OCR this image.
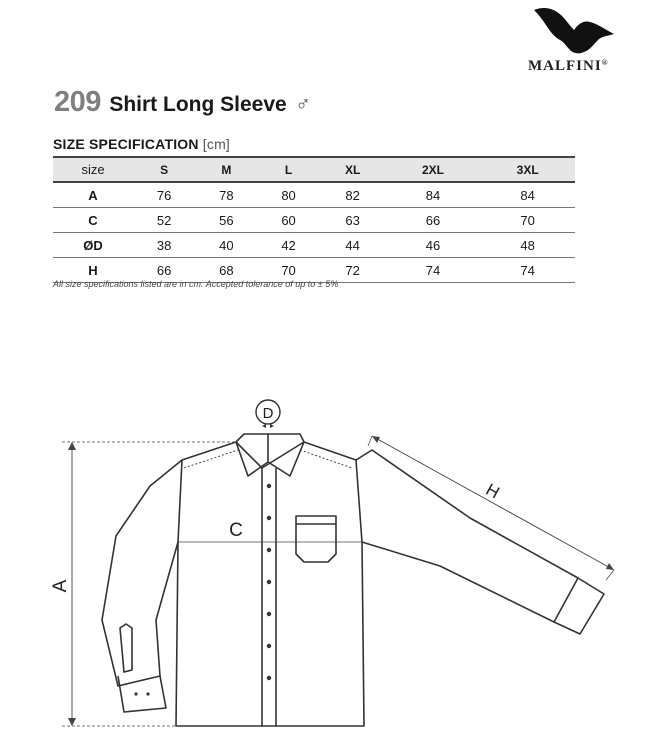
MALFINI®
209 Shirt Long Sleeve ♂
SIZE SPECIFICATION [cm]
size	S	M	L	XL	2XL	3XL
A	76	78	80	82	84	84
C	52	56	60	63	66	70
ØD	38	40	42	44	46	48
H	66	68	70	72	74	74
All size specifications listed are in cm. Accepted tolerance of up to ± 5%
A
C
D
H
